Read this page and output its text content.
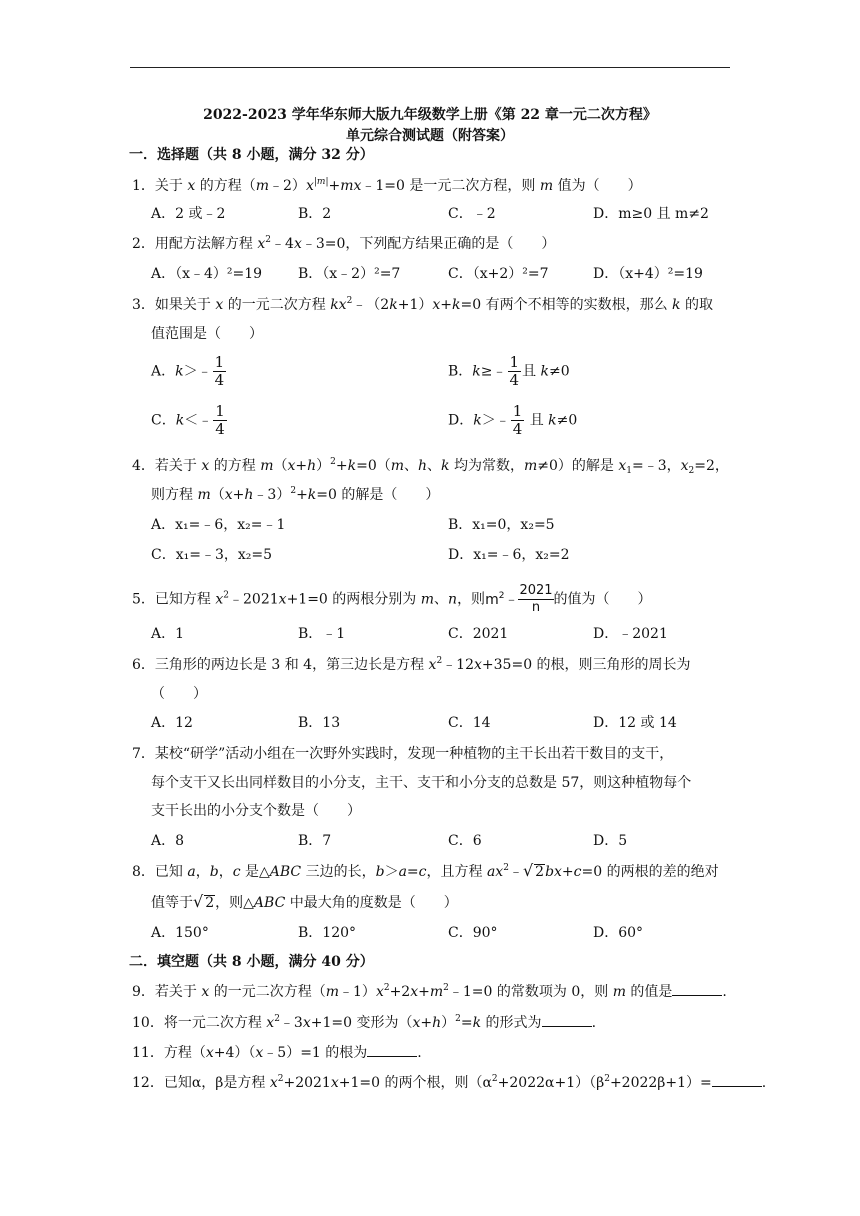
2022-2023 学年华东师大版九年级数学上册《第 22 章一元二次方程》
单元综合测试题（附答案）
一．选择题（共 8 小题，满分 32 分）
1．关于 x 的方程$(m﹣2)x^{|m|}+mx﹣1=0$ 是一元二次方程，则 m 值为（　　）
A．2 或﹣2	B．2	C．﹣2	D．m≥0 且 m≠2
2．用配方法解方程 $x^2﹣4x﹣3=0$，下列配方结果正确的是（　　）
A．（x﹣4）²=19	B．（x﹣2）²=7	C．（x+2）²=7	D．（x+4）²=19
3．如果关于 x 的一元二次方程 $kx^2﹣(2k+1)x+k=0$ 有两个不相等的实数根，那么 k 的取
值范围是（　　）
A．k＞﹣ $\frac{1}{4}$	B．k≥﹣ $\frac{1}{4}$ 且 k≠0
C．k＜﹣ $\frac{1}{4}$	D．k＞﹣ $\frac{1}{4}$ 且 k≠0
4．若关于 x 的方程 $m(x+h)^2+k=0(m$、h、k 均为常数，m≠0）的解是 $x_1=﹣3$，$x_2=2$，
则方程 m（x+h﹣3）$^2$+k=0 的解是（　　）
A．x₁=﹣6，x₂=﹣1	B．x₁=0，x₂=5
C．x₁=﹣3，x₂=5	D．x₁=﹣6，x₂=2
5．已知方程 $x^2﹣2021x+1=0$ 的两根分别为 m、n，则$m^2﹣ \frac{2021}{n}$ 的值为（　　）
A．1	B．﹣1	C．2021	D．﹣2021
6．三角形的两边长是 3 和 4，第三边长是方程 $x^2﹣12x+35=0$ 的根，则三角形的周长为
（　　）
A．12	B．13	C．14	D．12 或 14
7．某校“研学”活动小组在一次野外实践时，发现一种植物的主干长出若干数目的支干，
每个支干又长出同样数目的小分支，主干、支干和小分支的总数是 57，则这种植物每个
支干长出的小分支个数是（　　）
A．8	B．7	C．6	D．5
8．已知 a，b，c 是△ABC 三边的长，b＞a=c，且方程 $ax^2﹣√$ 2bx+c=0 的两根的差的绝对
值等于√ 2，则△ABC 中最大角的度数是（　　）
A．150°	B．120°	C．90°	D．60°
二．填空题（共 8 小题，满分 40 分）
9．若关于 x 的一元二次方程$(m﹣1)x^2+2x+m^2﹣1=0$ 的常数项为 0，则 m 的值是	.
10．将一元二次方程 $x^2﹣3x+1=0$ 变形为$(x+h)^2=k$ 的形式为	.
11．方程（x+4）（x﹣5）=1 的根为	.
12．已知α，β是方程 $x^2+2021x+1=0$ 的两个根，则$(\alpha^2+2022\alpha+1)(\beta^2+2022\beta+1)=$	.
